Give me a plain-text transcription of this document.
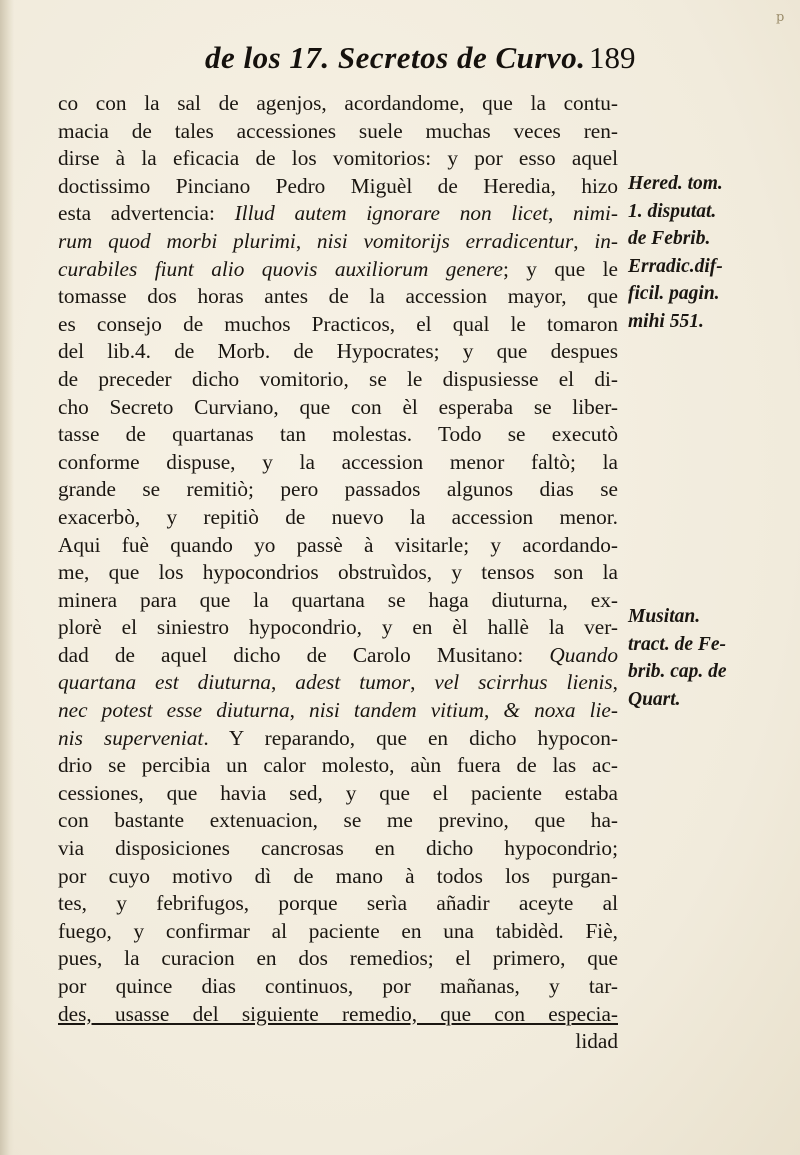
de los 17. Secretos de Curvo. 189
p
co con la sal de agenjos, acordandome, que la contu-
macia de tales accessiones suele muchas veces ren-
dirse à la eficacia de los vomitorios: y por esso aquel
doctissimo Pinciano Pedro Miguèl de Heredia, hizo
esta advertencia: Illud autem ignorare non licet, nimi-
rum quod morbi plurimi, nisi vomitorijs erradicentur, in-
curabiles fiunt alio quovis auxiliorum genere; y que le
tomasse dos horas antes de la accession mayor, que
es consejo de muchos Practicos, el qual le tomaron
del lib.4. de Morb. de Hypocrates; y que despues
de preceder dicho vomitorio, se le dispusiesse el di-
cho Secreto Curviano, que con èl esperaba se liber-
tasse de quartanas tan molestas. Todo se executò
conforme dispuse, y la accession menor faltò; la
grande se remitiò; pero passados algunos dias se
exacerbò, y repitiò de nuevo la accession menor.
Aqui fuè quando yo passè à visitarle; y acordando-
me, que los hypocondrios obstruìdos, y tensos son la
minera para que la quartana se haga diuturna, ex-
plorè el siniestro hypocondrio, y en èl hallè la ver-
dad de aquel dicho de Carolo Musitano: Quando
quartana est diuturna, adest tumor, vel scirrhus lienis,
nec potest esse diuturna, nisi tandem vitium, & noxa lie-
nis superveniat. Y reparando, que en dicho hypocon-
drio se percibia un calor molesto, aùn fuera de las ac-
cessiones, que havia sed, y que el paciente estaba
con bastante extenuacion, se me previno, que ha-
via disposiciones cancrosas en dicho hypocondrio;
por cuyo motivo dì de mano à todos los purgan-
tes, y febrifugos, porque serìa añadir aceyte al
fuego, y confirmar al paciente en una tabidèd. Fiè,
pues, la curacion en dos remedios; el primero, que
por quince dias continuos, por mañanas, y tar-
des, usasse del siguiente remedio, que con especia-
lidad
Hered. tom.
1. disputat.
de Febrib.
Erradic.dif-
ficil. pagin.
mihi 551.
Musitan.
tract. de Fe-
brib. cap. de
Quart.
